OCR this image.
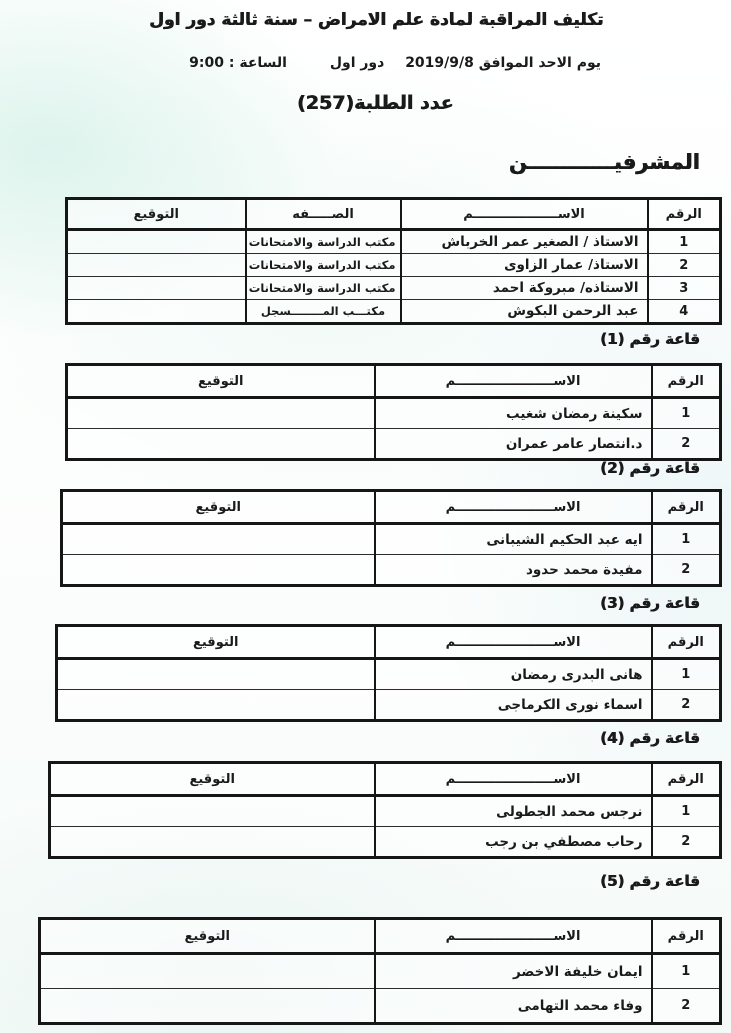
تكليف المراقبة لمادة علم الامراض – سنة ثالثة دور اول
يوم الاحد الموافق 2019/9/8 دور اول الساعة : 9:00
عدد الطلبة(257)
المشرفيــــــــــــن
الرقم	الاســـــــــــــــــــم	الصـــــفه	التوقيع
1	الاستاذ / الصغير عمر الخرباش	مكتب الدراسة والامتحانات	
2	الاستاذ/ عمار الزاوى	مكتب الدراسة والامتحانات	
3	الاستاذه/ مبروكة احمد	مكتب الدراسة والامتحانات	
4	عبد الرحمن البكوش	مكتـــب المــــــــسجل	
قاعة رقم (1)
الرقم	الاســــــــــــــــــــــم	التوقيع
1	سكينة رمضان شغيب	
2	د.انتصار عامر عمران	
قاعة رقم (2)
الرقم	الاســــــــــــــــــــــم	التوقيع
1	ايه عبد الحكيم الشيبانى	
2	مفيدة محمد حدود	
قاعة رقم (3)
الرقم	الاســــــــــــــــــــــم	التوقيع
1	هانى البدرى رمضان	
2	اسماء نورى الكرماجى	
قاعة رقم (4)
الرقم	الاســــــــــــــــــــــم	التوقيع
1	نرجس محمد الجطولى	
2	رحاب مصطفي بن رجب	
قاعة رقم (5)
الرقم	الاســــــــــــــــــــــم	التوقيع
1	ايمان خليفة الاخضر	
2	وفاء محمد التهامى	
